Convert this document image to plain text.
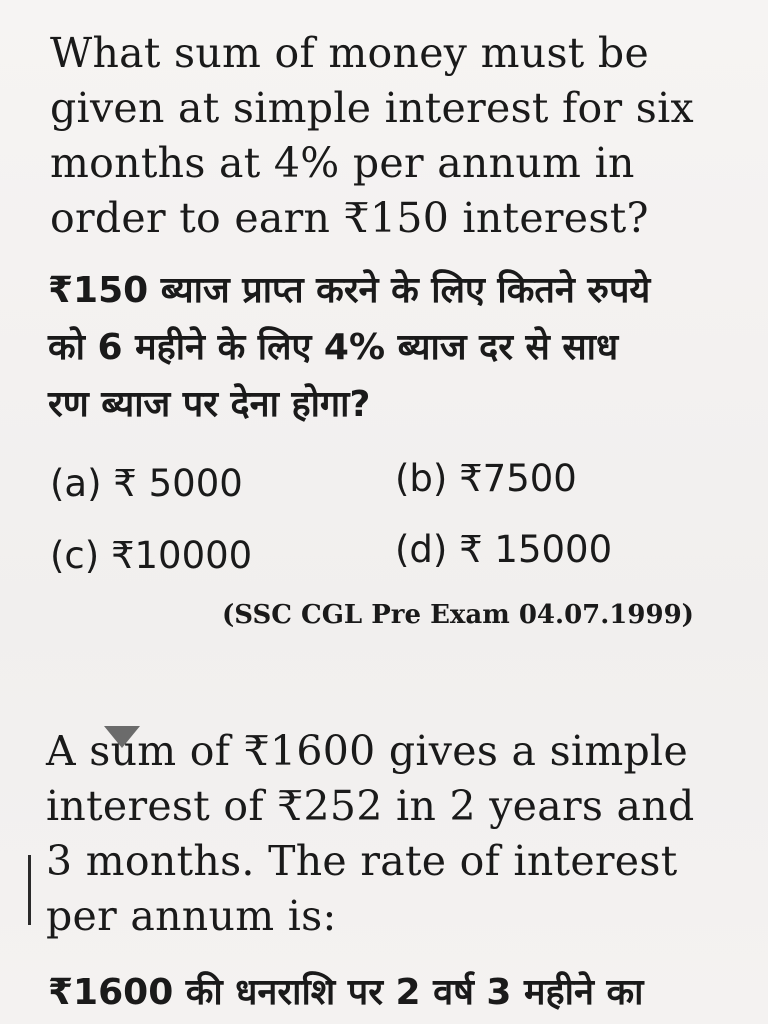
What sum of money must be
given at simple interest for six
months at 4% per annum in
order to earn ₹150 interest?
₹150 ब्याज प्राप्त करने के लिए कितने रुपये
को 6 महीने के लिए 4% ब्याज दर से साध
रण ब्याज पर देना होगा?
(a) ₹ 5000	(b) ₹7500
(c) ₹10000	(d) ₹ 15000
(SSC CGL Pre Exam 04.07.1999)
A sum of ₹1600 gives a simple
interest of ₹252 in 2 years and
3 months. The rate of interest
per annum is:
₹1600 की धनराशि पर 2 वर्ष 3 महीने का
